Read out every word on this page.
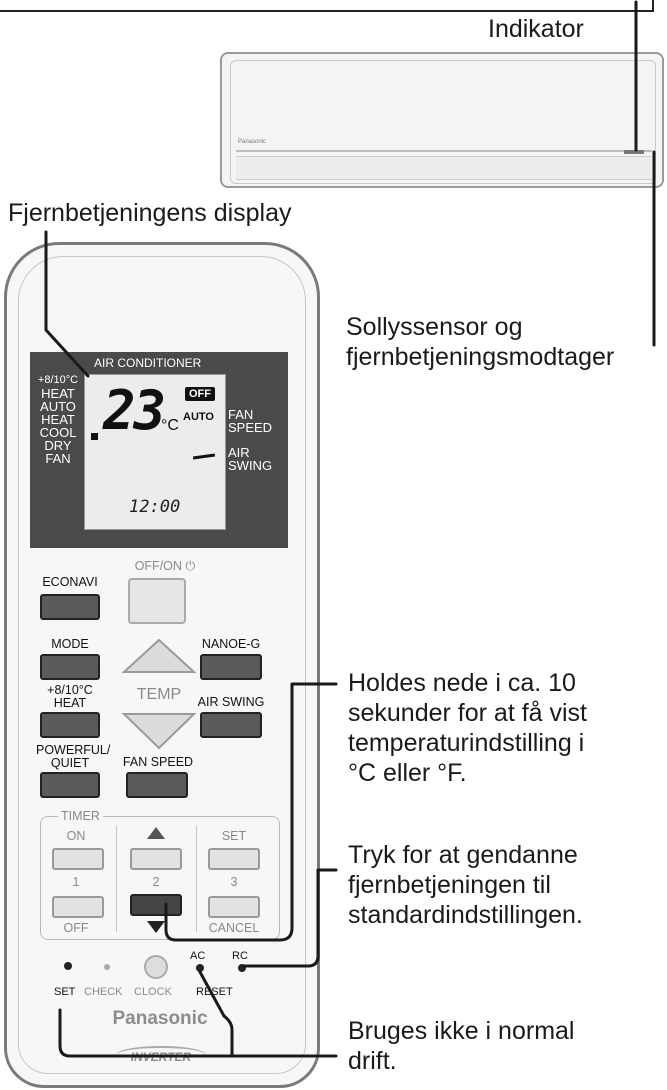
Indikator
Panasonic
Fjernbetjeningens display
Sollyssensor og
fjernbetjeningsmodtager
AIR CONDITIONER
+8/10°C
HEAT
AUTO
HEAT
COOL
DRY
FAN
23
°C
OFF
AUTO
12:00
FAN
SPEED
AIR
SWING
OFF/ON ⏻
ECONAVI
MODE	NANOE-G
+8/10°C
HEAT	AIR SWING
TEMP
POWERFUL/
QUIET	FAN SPEED
TIMER
ON	SET
1	2	3
OFF	CANCEL
AC RC
SET CHECK CLOCK RESET
Panasonic
INVERTER
Holdes nede i ca. 10
sekunder for at få vist
temperaturindstilling i
°C eller °F.
Tryk for at gendanne
fjernbetjeningen til
standardindstillingen.
Bruges ikke i normal
drift.
